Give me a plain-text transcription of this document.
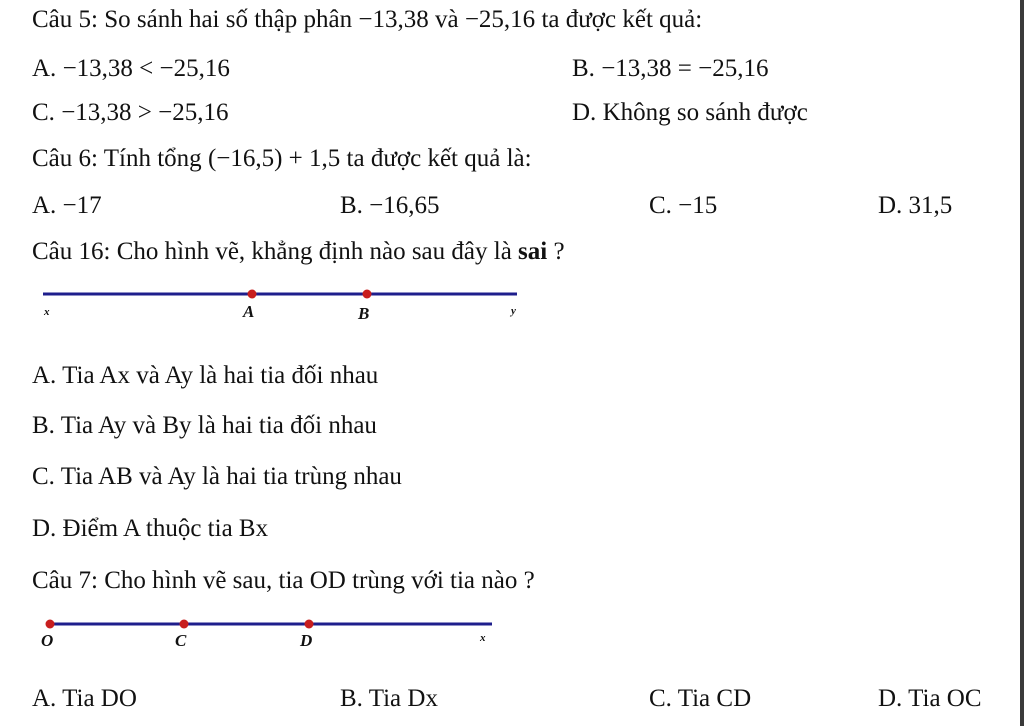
Câu 5: So sánh hai số thập phân −13,38 và −25,16 ta được kết quả:
A. −13,38 < −25,16	B. −13,38 = −25,16
C. −13,38 > −25,16	D. Không so sánh được
Câu 6: Tính tổng (−16,5) + 1,5 ta được kết quả là:
A. −17	B. −16,65	C. −15	D. 31,5
Câu 16: Cho hình vẽ, khẳng định nào sau đây là sai ?
x	A	B	y
A. Tia Ax và Ay là hai tia đối nhau
B. Tia Ay và By là hai tia đối nhau
C. Tia AB và Ay là hai tia trùng nhau
D. Điểm A thuộc tia Bx
Câu 7: Cho hình vẽ sau, tia OD trùng với tia nào ?
O	C	D	x
A. Tia DO	B. Tia Dx	C. Tia CD	D. Tia OC
